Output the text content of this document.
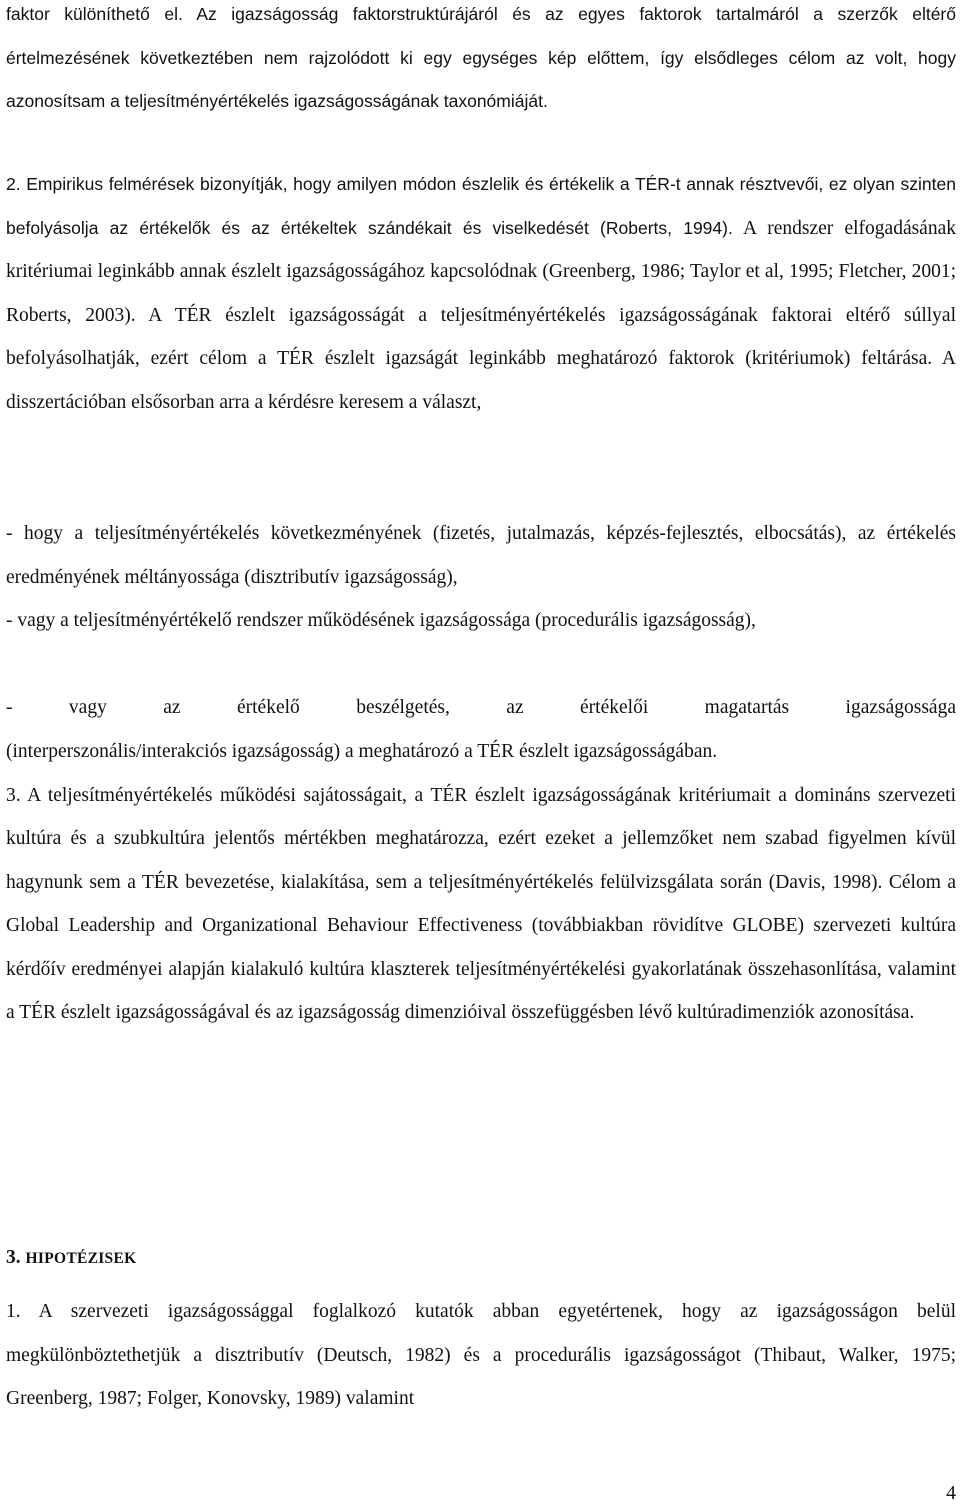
faktor különíthető el. Az igazságosság faktorstruktúrájáról és az egyes faktorok tartalmáról a szerzők eltérő értelmezésének következtében nem rajzolódott ki egy egységes kép előttem, így elsődleges célom az volt, hogy azonosítsam a teljesítményértékelés igazságosságának taxonómiáját.

2. Empirikus felmérések bizonyítják, hogy amilyen módon észlelik és értékelik a TÉR-t annak résztvevői, ez olyan szinten befolyásolja az értékelők és az értékeltek szándékait és viselkedését (Roberts, 1994). A rendszer elfogadásának kritériumai leginkább annak észlelt igazságosságához kapcsolódnak (Greenberg, 1986; Taylor et al, 1995; Fletcher, 2001; Roberts, 2003). A TÉR észlelt igazságosságát a teljesítményértékelés igazságosságának faktorai eltérő súllyal befolyásolhatják, ezért célom a TÉR észlelt igazságát leginkább meghatározó faktorok (kritériumok) feltárása. A disszertációban elsősorban arra a kérdésre keresem a választ,

- hogy a teljesítményértékelés következményének (fizetés, jutalmazás, képzés-fejlesztés, elbocsátás), az értékelés eredményének méltányossága (disztributív igazságosság),

- vagy a teljesítményértékelő rendszer működésének igazságossága (procedurális igazságosság),

- vagy az értékelő beszélgetés, az értékelői magatartás igazságossága

(interperszonális/interakciós igazságosság) a meghatározó a TÉR észlelt igazságosságában.
3. A teljesítményértékelés működési sajátosságait, a TÉR észlelt igazságosságának kritériumait a domináns szervezeti kultúra és a szubkultúra jelentős mértékben meghatározza, ezért ezeket a jellemzőket nem szabad figyelmen kívül hagynunk sem a TÉR bevezetése, kialakítása, sem a teljesítményértékelés felülvizsgálata során (Davis, 1998). Célom a Global Leadership and Organizational Behaviour Effectiveness (továbbiakban rövidítve GLOBE) szervezeti kultúra kérdőív eredményei alapján kialakuló kultúra klaszterek teljesítményértékelési gyakorlatának összehasonlítása, valamint a TÉR észlelt igazságosságával és az igazságosság dimenzióival összefüggésben lévő kultúradimenziók azonosítása.

3. HIPOTÉZISEK

1. A szervezeti igazságossággal foglalkozó kutatók abban egyetértenek, hogy az igazságosságon belül megkülönböztethetjük a disztributív (Deutsch, 1982) és a procedurális igazságosságot (Thibaut, Walker, 1975; Greenberg, 1987; Folger, Konovsky, 1989) valamint

4
